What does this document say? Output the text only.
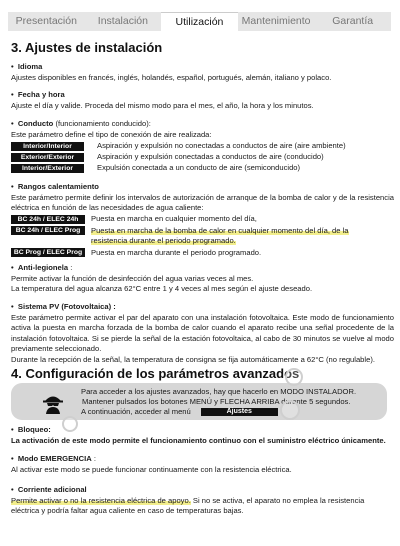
Presentación	Instalación	Utilización	Mantenimiento	Garantía
3. Ajustes de instalación
•  Idioma
Ajustes disponibles en francés, inglés, holandés, español, portugués, alemán, italiano y polaco.
•  Fecha y hora
Ajuste el día y valide. Proceda del mismo modo para el mes, el año, la hora y los minutos.
•  Conducto (funcionamiento conducido):
Este parámetro define el tipo de conexión de aire realizada:
Interior/Interior	Aspiración y expulsión no conectadas a conductos de aire (aire ambiente)
Exterior/Exterior	Aspiración y expulsión conectadas a conductos de aire (conducido)
Interior/Exterior	Expulsión conectada a un conducto de aire (semiconducido)
•  Rangos calentamiento
Este parámetro permite definir los intervalos de autorización de arranque de la bomba de calor y de la resistencia eléctrica en función de las necesidades de agua caliente:
BC 24h / ELEC 24h	Puesta en marcha en cualquier momento del día,
BC 24h / ELEC Prog	Puesta en marcha de la bomba de calor en cualquier momento del día, de la
resistencia durante el periodo programado.
BC Prog / ELEC Prog	Puesta en marcha durante el periodo programado.
•  Anti-legionela :
Permite activar la función de desinfección del agua varias veces al mes.
La temperatura del agua alcanza 62°C entre 1 y 4 veces al mes según el ajuste deseado.
•  Sistema PV (Fotovoltaica) :
Este parámetro permite activar el par del aparato con una instalación fotovoltaica. Este modo de funcionamiento activa la puesta en marcha forzada de la bomba de calor cuando el aparato recibe una señal procedente de la instalación fotovoltaica. Si se pierde la señal de la estación fotovoltaica, al cabo de 30 minutos se vuelve al modo previamente seleccionado.
Durante la recepción de la señal, la temperatura de consigna se fija automáticamente a 62°C (no regulable).
4. Configuración de los parámetros avanzados
Para acceder a los ajustes avanzados, hay que hacerlo en MODO INSTALADOR.
Mantener pulsados los botones MENÚ y FLECHA ARRIBA durante 5 segundos.
A continuación, acceder al menú	Ajustes
•  Bloqueo:
La activación de este modo permite el funcionamiento continuo con el suministro eléctrico únicamente.
•  Modo EMERGENCIA :
Al activar este modo se puede funcionar continuamente con la resistencia eléctrica.
•  Corriente adicional
Permite activar o no la resistencia eléctrica de apoyo. Si no se activa, el aparato no emplea la resistencia eléctrica y podría faltar agua caliente en caso de temperaturas bajas.
